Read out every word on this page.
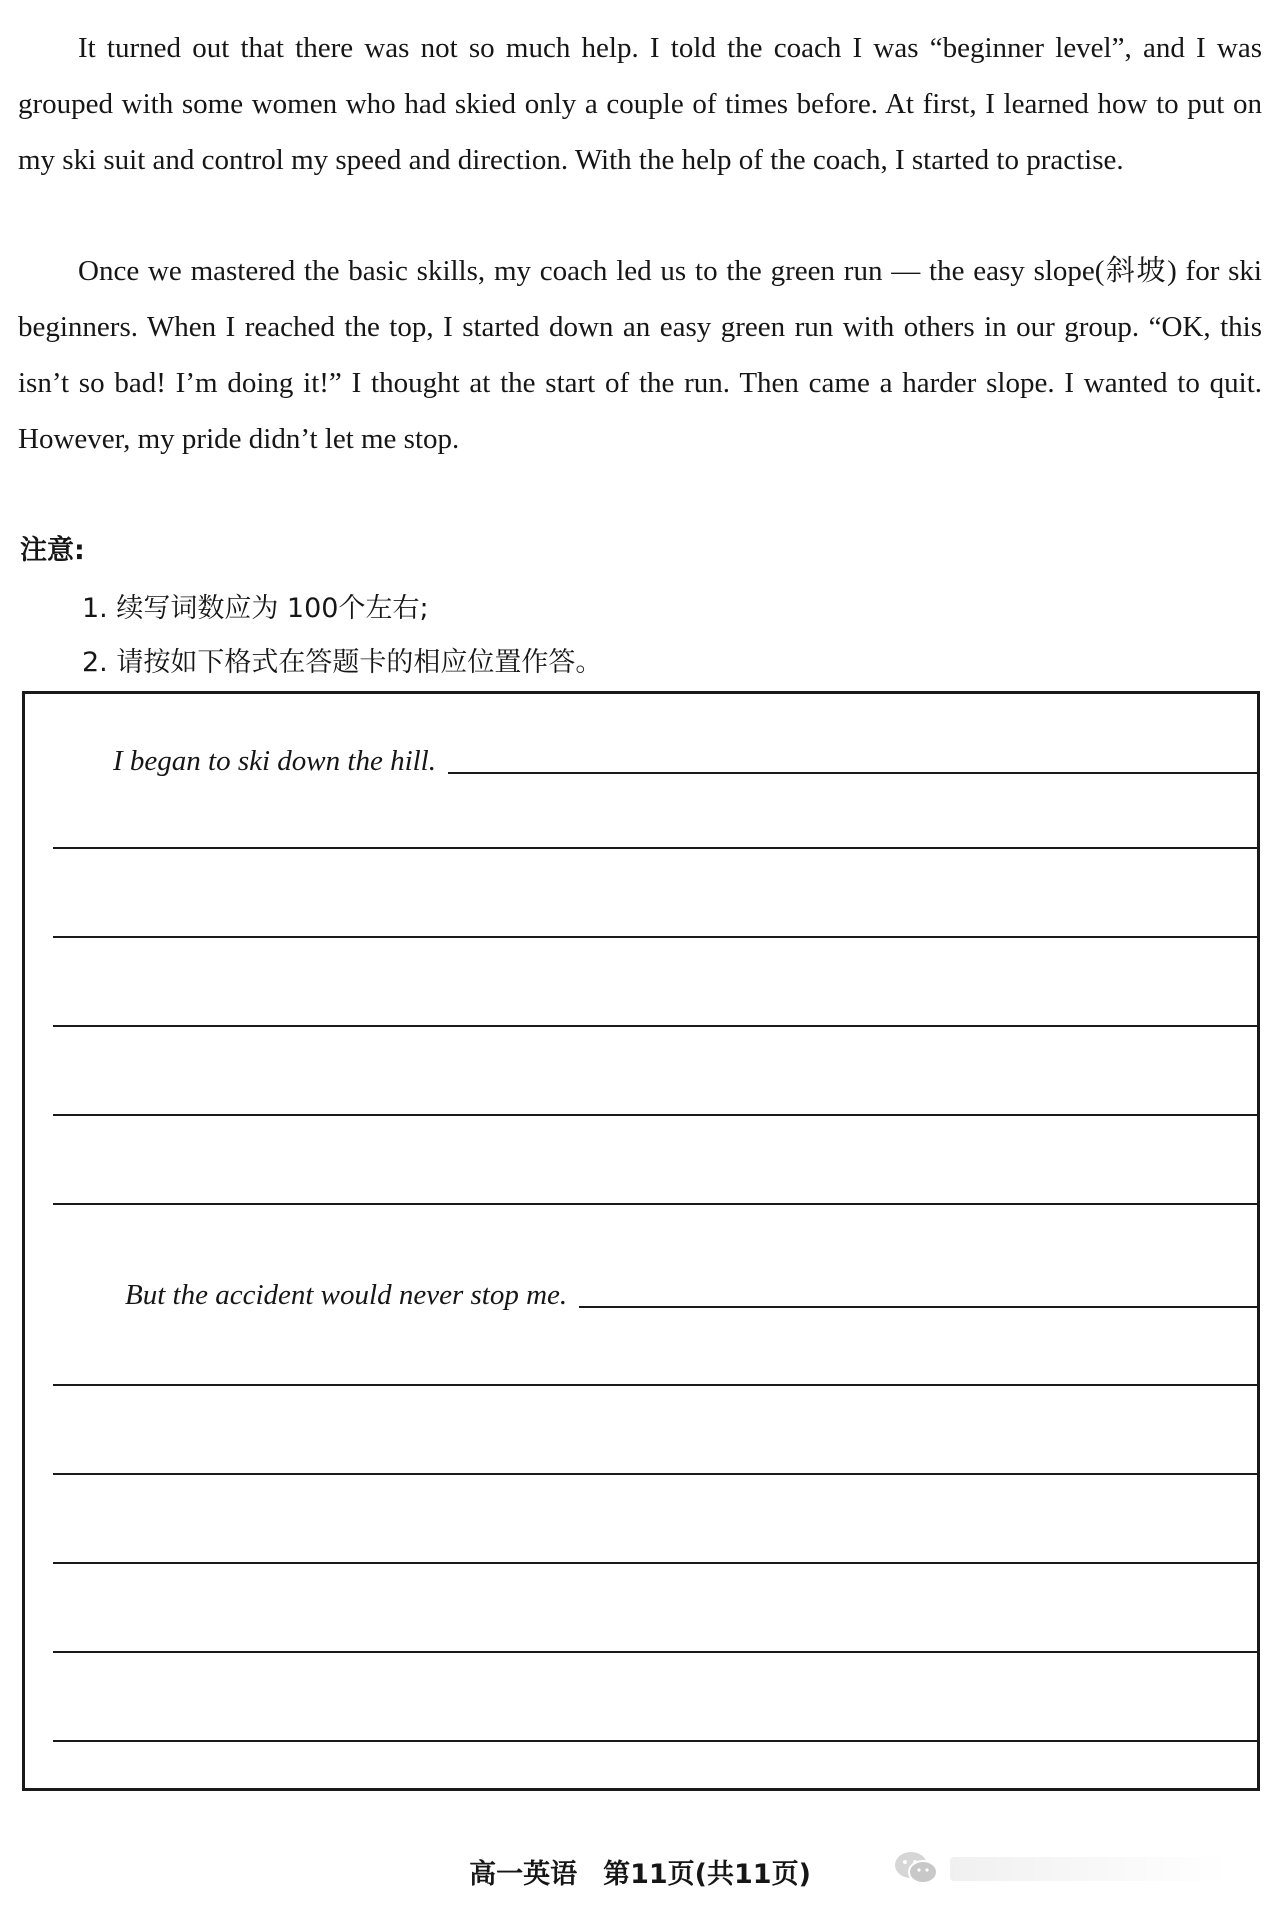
It turned out that there was not so much help. I told the coach I was “beginner level”, and I was grouped with some women who had skied only a couple of times before. At first, I learned how to put on my ski suit and control my speed and direction. With the help of the coach, I started to practise.

Once we mastered the basic skills, my coach led us to the green run — the easy slope(斜坡) for ski beginners. When I reached the top, I started down an easy green run with others in our group. “OK, this isn’t so bad! I’m doing it!” I thought at the start of the run. Then came a harder slope. I wanted to quit. However, my pride didn’t let me stop.

注意:

1. 续写词数应为 100个左右;
2. 请按如下格式在答题卡的相应位置作答。
I began to ski down the hill.
But the accident would never stop me.
高一英语 第11页(共11页)
